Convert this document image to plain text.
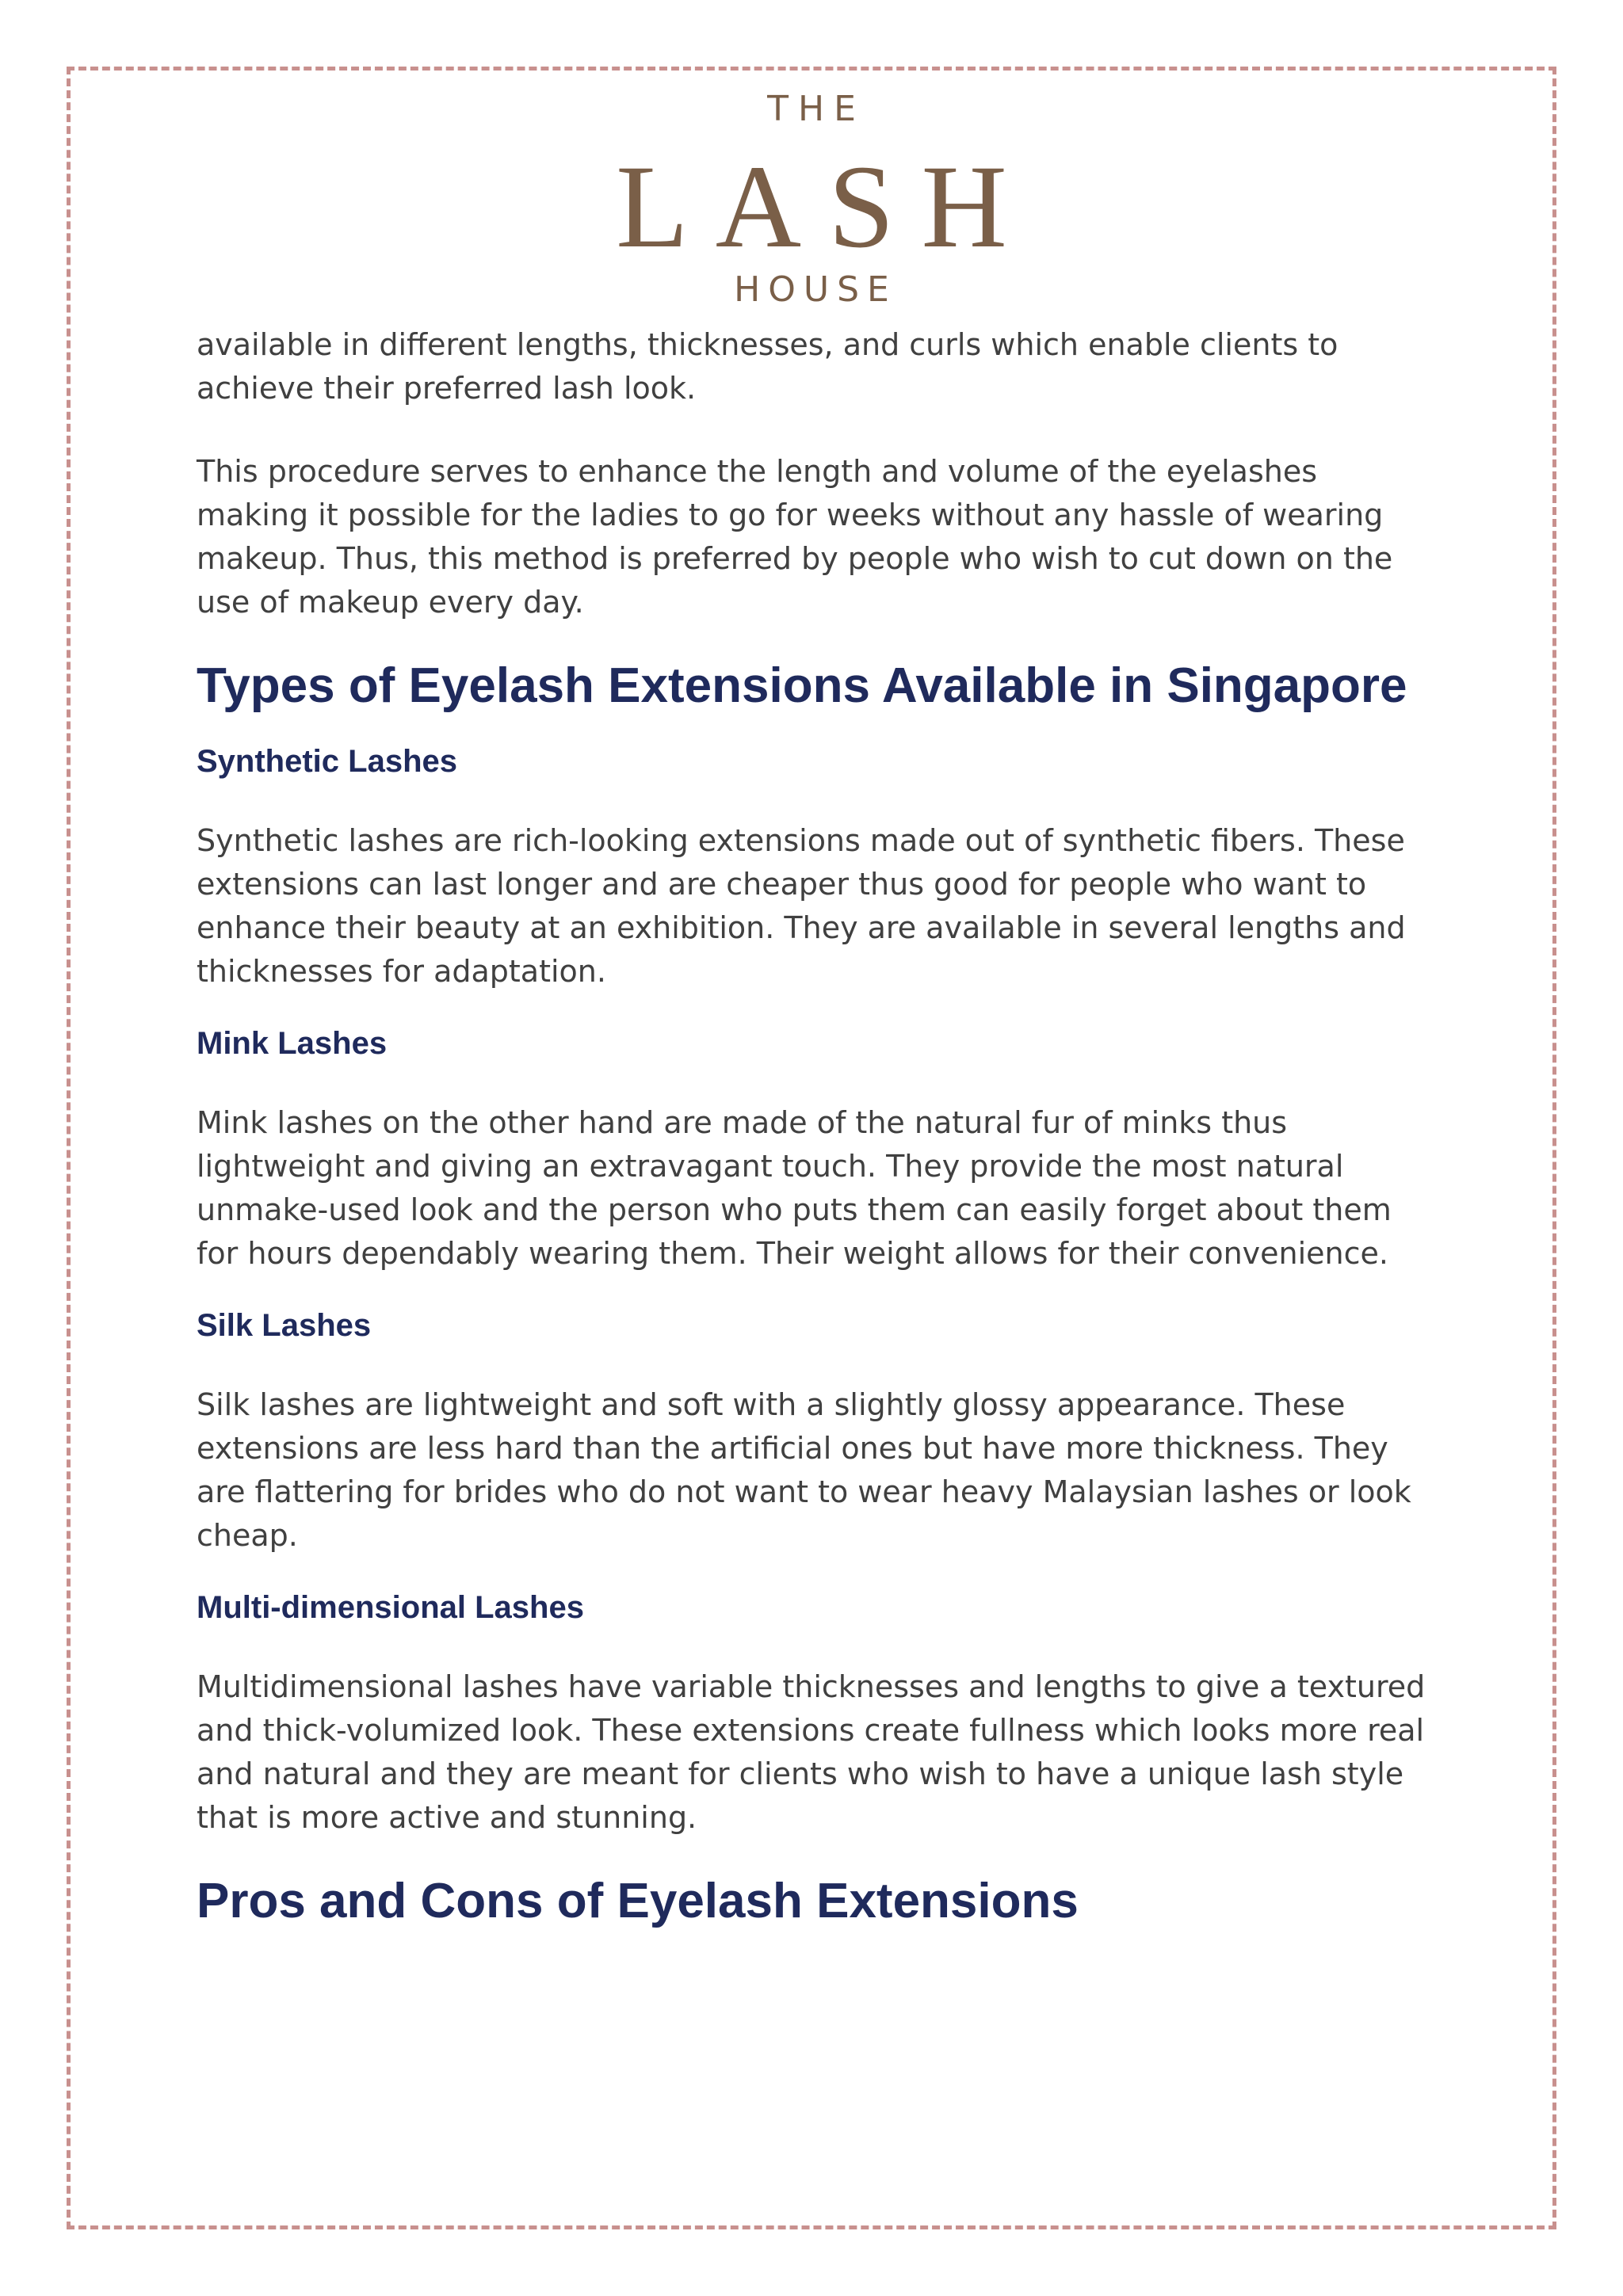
THE
LASH
HOUSE

available in different lengths, thicknesses, and curls which enable clients to achieve their preferred lash look.

This procedure serves to enhance the length and volume of the eyelashes making it possible for the ladies to go for weeks without any hassle of wearing makeup. Thus, this method is preferred by people who wish to cut down on the use of makeup every day.

Types of Eyelash Extensions Available in Singapore
Synthetic Lashes

Synthetic lashes are rich-looking extensions made out of synthetic fibers. These extensions can last longer and are cheaper thus good for people who want to enhance their beauty at an exhibition. They are available in several lengths and thicknesses for adaptation.

Mink Lashes

Mink lashes on the other hand are made of the natural fur of minks thus lightweight and giving an extravagant touch. They provide the most natural unmake-used look and the person who puts them can easily forget about them for hours dependably wearing them. Their weight allows for their convenience.

Silk Lashes

Silk lashes are lightweight and soft with a slightly glossy appearance. These extensions are less hard than the artificial ones but have more thickness. They are flattering for brides who do not want to wear heavy Malaysian lashes or look cheap.

Multi-dimensional Lashes

Multidimensional lashes have variable thicknesses and lengths to give a textured and thick-volumized look. These extensions create fullness which looks more real and natural and they are meant for clients who wish to have a unique lash style that is more active and stunning.

Pros and Cons of Eyelash Extensions
